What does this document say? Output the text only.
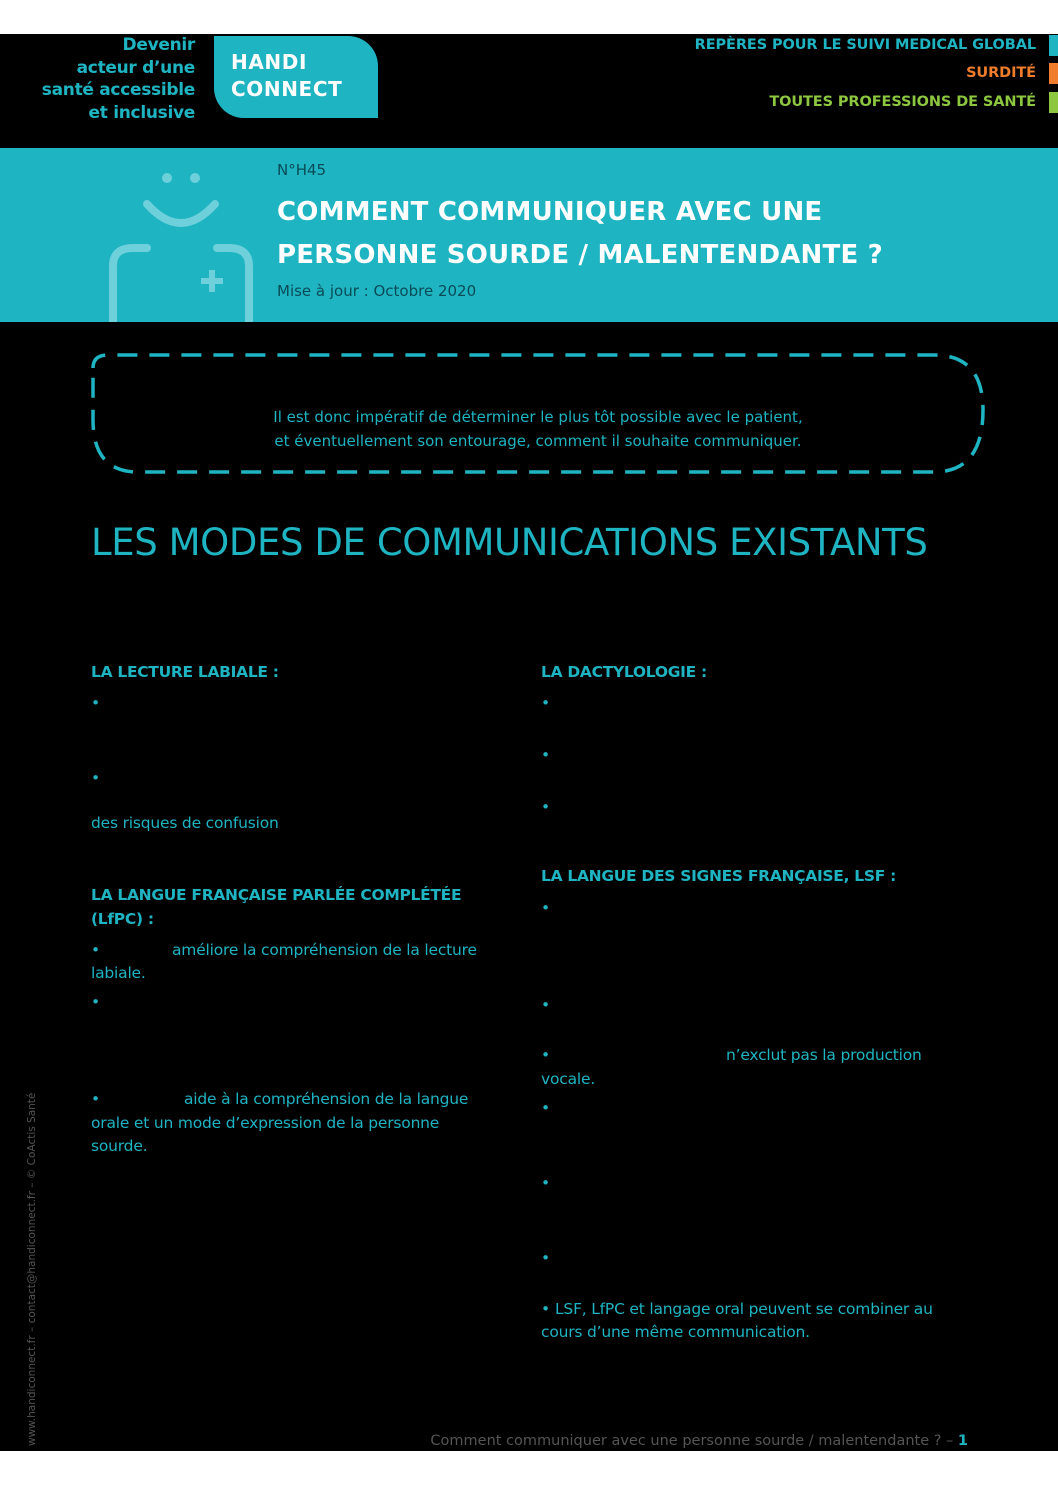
Devenir
acteur d’une
santé accessible
et inclusive
HANDI
CONNECT
REPÈRES POUR LE SUIVI MEDICAL GLOBAL
SURDITÉ
TOUTES PROFESSIONS DE SANTÉ
N°H45
COMMENT COMMUNIQUER AVEC UNE
PERSONNE SOURDE / MALENTENDANTE ?
Mise à jour : Octobre 2020
Il est donc impératif de déterminer le plus tôt possible avec le patient,
et éventuellement son entourage, comment il souhaite communiquer.
LES MODES DE COMMUNICATIONS EXISTANTS
LA LECTURE LABIALE :
•
•
des risques de confusion
LA LANGUE FRANÇAISE PARLÉE COMPLÉTÉE
(LfPC) :
•	améliore la compréhension de la lecture
labiale.
•
•	aide à la compréhension de la langue
orale et un mode d’expression de la personne
sourde.
LA DACTYLOLOGIE :
•
•
•
LA LANGUE DES SIGNES FRANÇAISE, LSF :
•
•
•	n’exclut pas la production
vocale.
•
•
•
• LSF, LfPC et langage oral peuvent se combiner au
cours d’une même communication.
www.handiconnect.fr – contact@handiconnect.fr – © CoActis Santé	Comment communiquer avec une personne sourde / malentendante ? – 1
